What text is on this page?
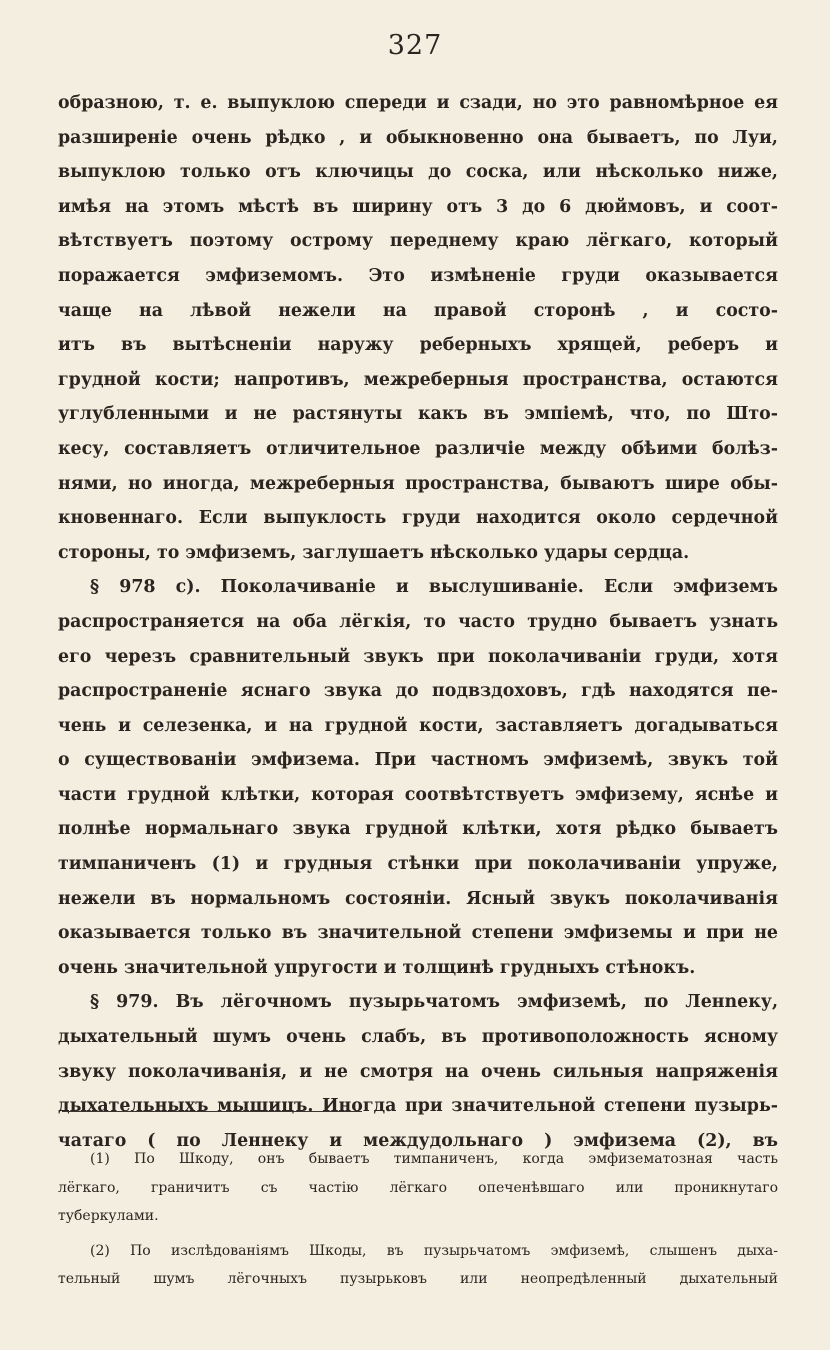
327
образною, т. е. выпуклою спереди и сзади, но это равномѣрное ея
разширеніе очень рѣдко , и обыкновенно она бываетъ, по Луи,
выпуклою только отъ ключицы до соска, или нѣсколько ниже,
имѣя на этомъ мѣстѣ въ ширину отъ 3 до 6 дюймовъ, и соот-
вѣтствуетъ поэтому острому переднему краю лёгкаго, который
поражается эмфиземомъ. Это измѣненіе груди оказывается
чаще на лѣвой нежели на правой сторонѣ , и состо-
итъ въ вытѣсненіи наружу реберныхъ хрящей, реберъ и
грудной кости; напротивъ, межреберныя пространства, остаются
углубленными и не растянуты какъ въ эмпіемѣ, что, по Што-
кесу, составляетъ отличительное различіе между обѣими болѣз-
нями, но иногда, межреберныя пространства, бываютъ шире обы-
кновеннаго. Если выпуклость груди находится около сердечной
стороны, то эмфиземъ, заглушаетъ нѣсколько удары сердца.
§ 978 c). Поколачиваніе и выслушиваніе. Если эмфиземъ
распространяется на оба лёгкія, то часто трудно бываетъ узнать
его черезъ сравнительный звукъ при поколачиваніи груди, хотя
распространеніе яснаго звука до подвздоховъ, гдѣ находятся пе-
чень и селезенка, и на грудной кости, заставляетъ догадываться
о существованіи эмфизема. При частномъ эмфиземѣ, звукъ той
части грудной клѣтки, которая соотвѣтствуетъ эмфизему, яснѣе и
полнѣе нормальнаго звука грудной клѣтки, хотя рѣдко бываетъ
тимпаниченъ (1) и грудныя стѣнки при поколачиваніи упруже,
нежели въ нормальномъ состояніи. Ясный звукъ поколачиванія
оказывается только въ значительной степени эмфиземы и при не
очень значительной упругости и толщинѣ грудныхъ стѣнокъ.
§ 979. Въ лёгочномъ пузырьчатомъ эмфиземѣ, по Ленneку,
дыхательный шумъ очень слабъ, въ противоположность ясному
звуку поколачиванія, и не смотря на очень сильныя напряженія
дыхательныхъ мышицъ. Иногда при значительной степени пузырь-
чатаго ( по Леннеку и междудольнаго ) эмфизема (2), въ
(1) По Шкоду, онъ бываетъ тимпаниченъ, когда эмфизематозная часть
лёгкаго, граничитъ съ частію лёгкаго опеченѣвшаго или проникнутаго
туберкулами.
(2) По изслѣдованіямъ Шкоды, въ пузырьчатомъ эмфиземѣ, слышенъ дыха-
тельный шумъ лёгочныхъ пузырьковъ или неопредѣленный дыхательный
